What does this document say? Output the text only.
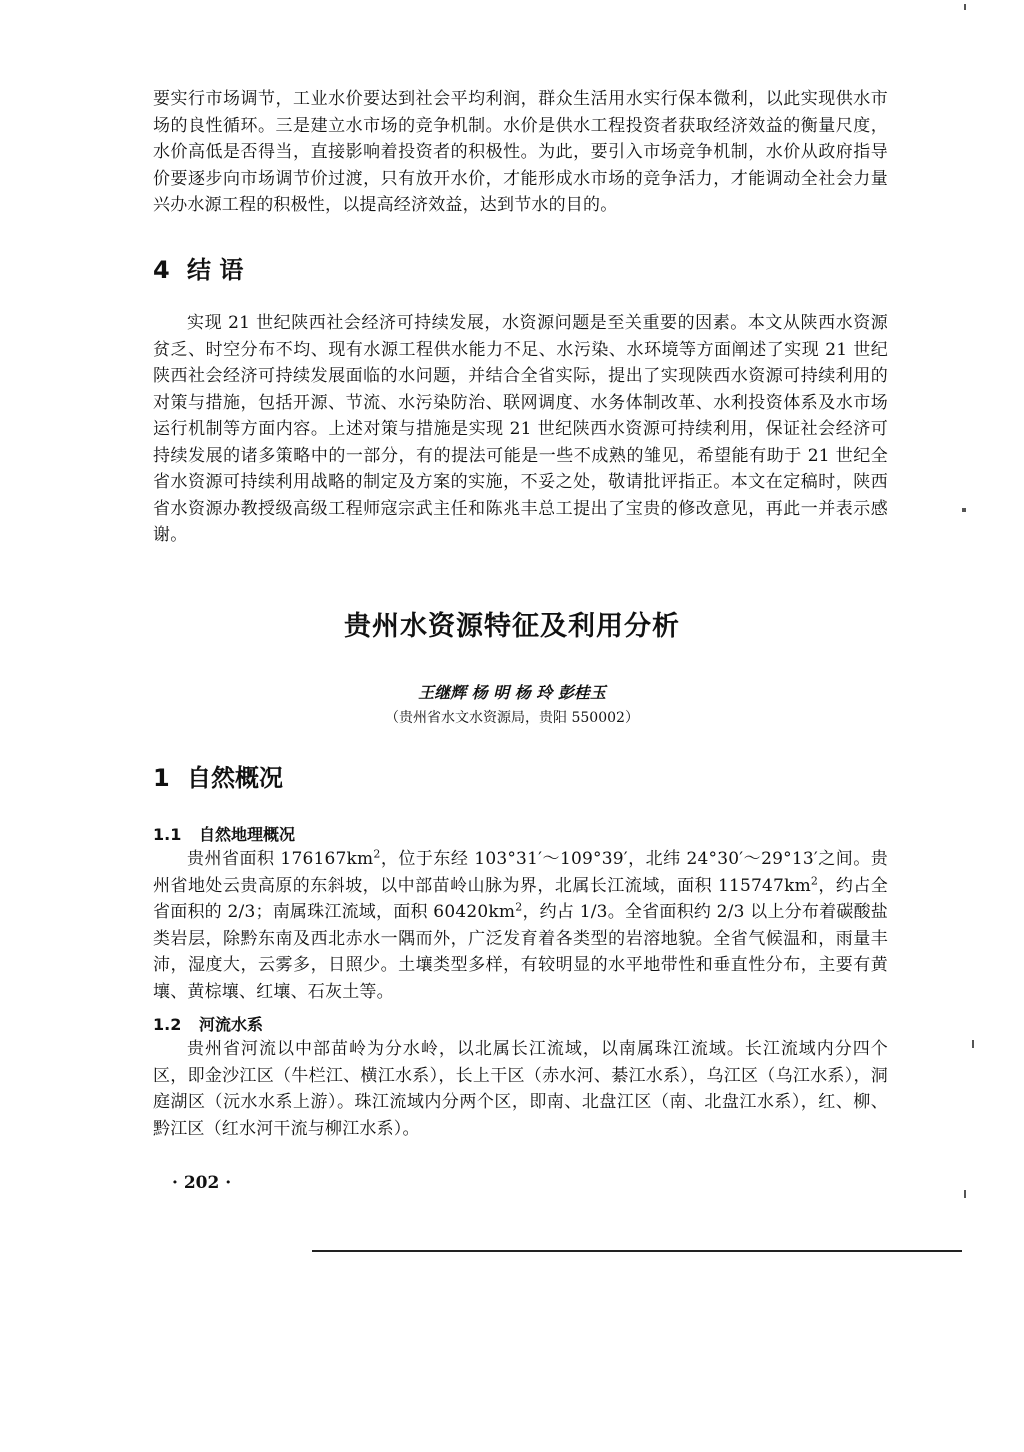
要实行市场调节，工业水价要达到社会平均利润，群众生活用水实行保本微利，以此实现供水市场的良性循环。三是建立水市场的竞争机制。水价是供水工程投资者获取经济效益的衡量尺度，水价高低是否得当，直接影响着投资者的积极性。为此，要引入市场竞争机制，水价从政府指导价要逐步向市场调节价过渡，只有放开水价，才能形成水市场的竞争活力，才能调动全社会力量兴办水源工程的积极性，以提高经济效益，达到节水的目的。

4 结 语

实现 21 世纪陕西社会经济可持续发展，水资源问题是至关重要的因素。本文从陕西水资源贫乏、时空分布不均、现有水源工程供水能力不足、水污染、水环境等方面阐述了实现 21 世纪陕西社会经济可持续发展面临的水问题，并结合全省实际，提出了实现陕西水资源可持续利用的对策与措施，包括开源、节流、水污染防治、联网调度、水务体制改革、水利投资体系及水市场运行机制等方面内容。上述对策与措施是实现 21 世纪陕西水资源可持续利用，保证社会经济可持续发展的诸多策略中的一部分，有的提法可能是一些不成熟的雏见，希望能有助于 21 世纪全省水资源可持续利用战略的制定及方案的实施，不妥之处，敬请批评指正。本文在定稿时，陕西省水资源办教授级高级工程师寇宗武主任和陈兆丰总工提出了宝贵的修改意见，再此一并表示感谢。

贵州水资源特征及利用分析

王继辉 杨 明 杨 玲 彭桂玉

（贵州省水文水资源局，贵阳 550002）

1 自然概况
1.1 自然地理概况

贵州省面积 $176167km^2$，位于东经 103°31′～109°39′，北纬 24°30′～29°13′之间。贵州省地处云贵高原的东斜坡，以中部苗岭山脉为界，北属长江流域，面积 $115747km^2$，约占全省面积的 2/3；南属珠江流域，面积 $60420km^2$，约占 1/3。全省面积约 2/3 以上分布着碳酸盐类岩层，除黔东南及西北赤水一隅而外，广泛发育着各类型的岩溶地貌。全省气候温和，雨量丰沛，湿度大，云雾多，日照少。土壤类型多样，有较明显的水平地带性和垂直性分布，主要有黄壤、黄棕壤、红壤、石灰土等。

1.2 河流水系

贵州省河流以中部苗岭为分水岭，以北属长江流域，以南属珠江流域。长江流域内分四个区，即金沙江区（牛栏江、横江水系），长上干区（赤水河、綦江水系），乌江区（乌江水系），洞庭湖区（沅水水系上游）。珠江流域内分两个区，即南、北盘江区（南、北盘江水系），红、柳、黔江区（红水河干流与柳江水系）。

· 202 ·
